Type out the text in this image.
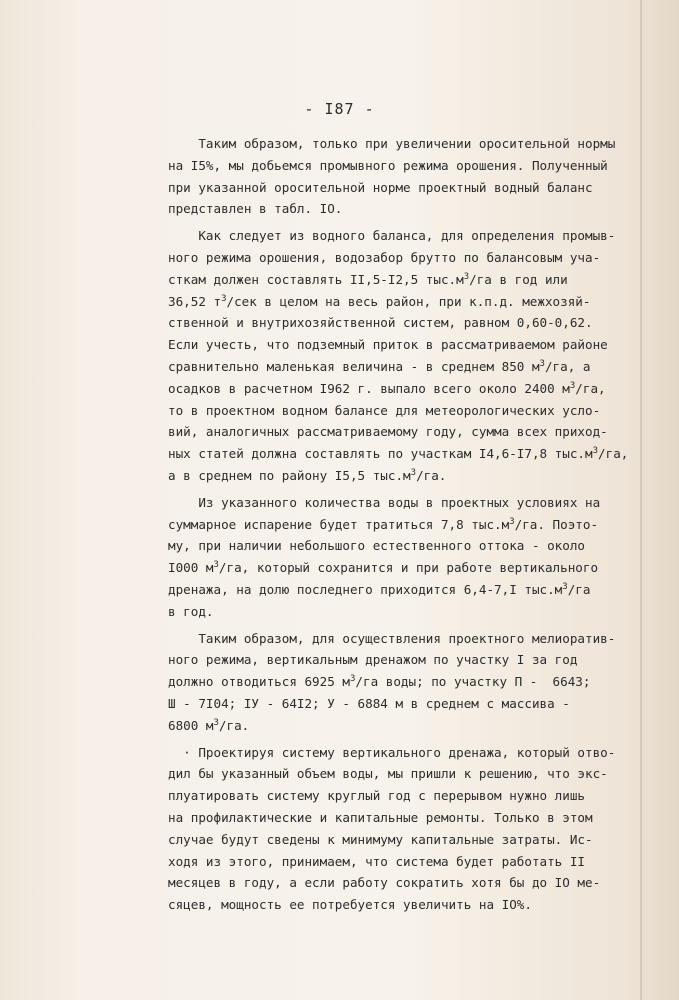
- I87 -
Таким образом, только при увеличении оросительной нормы
на I5%, мы добьемся промывного режима орошения. Полученный
при указанной оросительной норме проектный водный баланс
представлен в табл. IO.
Как следует из водного баланса, для определения промыв-
ного режима орошения, водозабор брутто по балансовым уча-
сткам должен составлять II,5-I2,5 $тыс.м^3/га$ в год или
36,52 $т^3$/сек в целом на весь район, при к.п.д. межхозяй-
ственной и внутрихозяйственной систем, равном 0,60-0,62.
Если учесть, что подземный приток в рассматриваемом районе
сравнительно маленькая величина - в среднем 850 $м^3/га$, а
осадков в расчетном I962 г. выпало всего около 2400 $м^3/га$,
то в проектном водном балансе для метеорологических усло-
вий, аналогичных рассматриваемому году, сумма всех приход-
ных статей должна составлять по участкам I4,6-I7,8 $тыс.м^3/га$,
а в среднем по району I5,5 $тыс.м^3/га$.
Из указанного количества воды в проектных условиях на
суммарное испарение будет тратиться 7,8 $тыс.м^3/га$. Поэто-
му, при наличии небольшого естественного оттока - около
I000 $м^3/га$, который сохранится и при работе вертикального
дренажа, на долю последнего приходится 6,4-7,I $тыс.м^3/га$
в год.
Таким образом, для осуществления проектного мелиоратив-
ного режима, вертикальным дренажом по участку I за год
должно отводиться 6925 $м^3/га$ воды; по участку П -  6643;
Ш - 7I04; IУ - 64I2; У - 6884 м в среднем с массива -
6800 $м^3/га$.
· Проектируя систему вертикального дренажа, который отво-
дил бы указанный объем воды, мы пришли к решению, что экс-
плуатировать систему круглый год с перерывом нужно лишь
на профилактические и капитальные ремонты. Только в этом
случае будут сведены к минимуму капитальные затраты. Ис-
ходя из этого, принимаем, что система будет работать II
месяцев в году, а если работу сократить хотя бы до IO ме-
сяцев, мощность ее потребуется увеличить на IO%.
